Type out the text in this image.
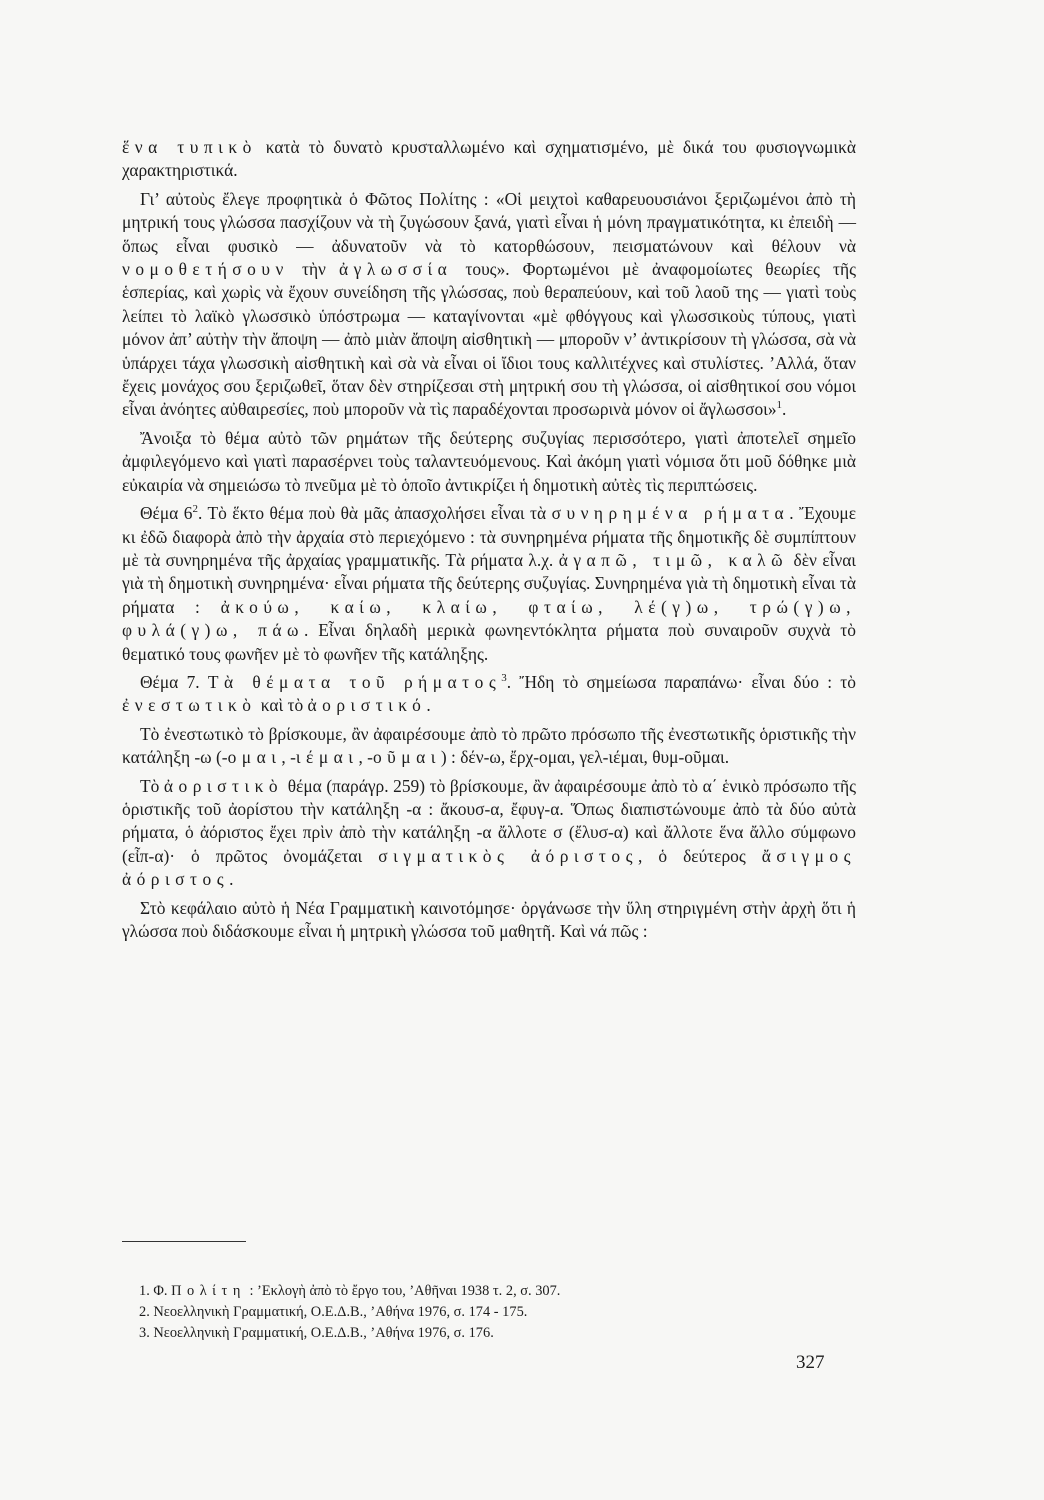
ἕνα τυπικὸ κατὰ τὸ δυνατὸ κρυσταλλωμένο καὶ σχηματισμένο, μὲ δικά του φυσιογνωμικὰ χαρακτηριστικά.

Γι’ αὐτοὺς ἔλεγε προφητικὰ ὁ Φῶτος Πολίτης : «Οἱ μειχτοὶ καθαρευουσιάνοι ξεριζωμένοι ἀπὸ τὴ μητρική τους γλώσσα πασχίζουν νὰ τὴ ζυγώσουν ξανά, γιατὶ εἶναι ἡ μόνη πραγματικότητα, κι ἐπειδὴ — ὅπως εἶναι φυσικὸ — ἀδυνατοῦν νὰ τὸ κατορθώσουν, πεισματώνουν καὶ θέλουν νὰ νομοθετήσουν τὴν ἀγλωσσία τους». Φορτωμένοι μὲ ἀναφομοίωτες θεωρίες τῆς ἑσπερίας, καὶ χωρὶς νὰ ἔχουν συνείδηση τῆς γλώσσας, ποὺ θεραπεύουν, καὶ τοῦ λαοῦ της — γιατὶ τοὺς λείπει τὸ λαϊκὸ γλωσσικὸ ὑπόστρωμα — καταγίνονται «μὲ φθόγγους καὶ γλωσσικοὺς τύπους, γιατὶ μόνον ἀπ’ αὐτὴν τὴν ἄποψη — ἀπὸ μιὰν ἄποψη αἰσθητικὴ — μποροῦν ν’ ἀντικρίσουν τὴ γλώσσα, σὰ νὰ ὑπάρχει τάχα γλωσσικὴ αἰσθητικὴ καὶ σὰ νὰ εἶναι οἱ ἴδιοι τους καλλιτέχνες καὶ στυλίστες. ’Αλλά, ὅταν ἔχεις μονάχος σου ξεριζωθεῖ, ὅταν δὲν στηρίζεσαι στὴ μητρική σου τὴ γλώσσα, οἱ αἰσθητικοί σου νόμοι εἶναι ἀνόητες αὐθαιρεσίες, ποὺ μποροῦν νὰ τὶς παραδέχονται προσωρινὰ μόνον οἱ ἄγλωσσοι»$^1$.

Ἄνοιξα τὸ θέμα αὐτὸ τῶν ρημάτων τῆς δεύτερης συζυγίας περισσότερο, γιατὶ ἀποτελεῖ σημεῖο ἀμφιλεγόμενο καὶ γιατὶ παρασέρνει τοὺς ταλαντευόμενους. Καὶ ἀκόμη γιατὶ νόμισα ὅτι μοῦ δόθηκε μιὰ εὐκαιρία νὰ σημειώσω τὸ πνεῦμα μὲ τὸ ὁποῖο ἀντικρίζει ἡ δημοτικὴ αὐτὲς τὶς περιπτώσεις.

Θέμα $6^2$. Τὸ ἕκτο θέμα ποὺ θὰ μᾶς ἀπασχολήσει εἶναι τὰ συνηρημένα ρήματα. Ἔχουμε κι ἐδῶ διαφορὰ ἀπὸ τὴν ἀρχαία στὸ περιεχόμενο : τὰ συνηρημένα ρήματα τῆς δημοτικῆς δὲ συμπίπτουν μὲ τὰ συνηρημένα τῆς ἀρχαίας γραμματικῆς. Τὰ ρήματα λ.χ. ἀγαπῶ, τιμῶ, καλῶ δὲν εἶναι γιὰ τὴ δημοτικὴ συνηρημένα· εἶναι ρήματα τῆς δεύτερης συζυγίας. Συνηρημένα γιὰ τὴ δημοτικὴ εἶναι τὰ ρήματα : ἀκούω, καίω, κλαίω, φταίω, λέ(γ)ω, τρώ(γ)ω, φυλά(γ)ω, πάω. Εἶναι δηλαδὴ μερικὰ φωνηεντόκλητα ρήματα ποὺ συναιροῦν συχνὰ τὸ θεματικό τους φωνῆεν μὲ τὸ φωνῆεν τῆς κατάληξης.

Θέμα 7. Τὰ θέματα τοῦ ρήματος$^3$. Ἤδη τὸ σημείωσα παραπάνω· εἶναι δύο : τὸ ἐνεστωτικὸ καὶ τὸ ἀοριστικό.

Τὸ ἐνεστωτικὸ τὸ βρίσκουμε, ἂν ἀφαιρέσουμε ἀπὸ τὸ πρῶτο πρόσωπο τῆς ἐνεστωτικῆς ὁριστικῆς τὴν κατάληξη -ω (-ομαι, -ιέμαι, -οῦμαι) : δέν-ω, ἔρχ-ομαι, γελ-ιέμαι, θυμ-οῦμαι.

Τὸ ἀοριστικὸ θέμα (παράγρ. 259) τὸ βρίσκουμε, ἂν ἀφαιρέσουμε ἀπὸ τὸ α΄ ἑνικὸ πρόσωπο τῆς ὁριστικῆς τοῦ ἀορίστου τὴν κατάληξη -α : ἄκουσ-α, ἔφυγ-α. Ὅπως διαπιστώνουμε ἀπὸ τὰ δύο αὐτὰ ρήματα, ὁ ἀόριστος ἔχει πρὶν ἀπὸ τὴν κατάληξη -α ἄλλοτε σ (ἔλυσ-α) καὶ ἄλλοτε ἕνα ἄλλο σύμφωνο (εἶπ-α)· ὁ πρῶτος ὀνομάζεται σιγματικὸς ἀόριστος, ὁ δεύτερος ἄσιγμος ἀόριστος.

Στὸ κεφάλαιο αὐτὸ ἡ Νέα Γραμματικὴ καινοτόμησε· ὀργάνωσε τὴν ὕλη στηριγμένη στὴν ἀρχὴ ὅτι ἡ γλώσσα ποὺ διδάσκουμε εἶναι ἡ μητρικὴ γλώσσα τοῦ μαθητῆ. Καὶ νά πῶς :

1. Φ. Πολίτη : ’Εκλογὴ ἀπὸ τὸ ἔργο του, ’Αθῆναι 1938 τ. 2, σ. 307.

2. Νεοελληνικὴ Γραμματική, Ο.Ε.Δ.Β., ’Αθήνα 1976, σ. 174 - 175.

3. Νεοελληνικὴ Γραμματική, Ο.Ε.Δ.Β., ’Αθήνα 1976, σ. 176.

327
